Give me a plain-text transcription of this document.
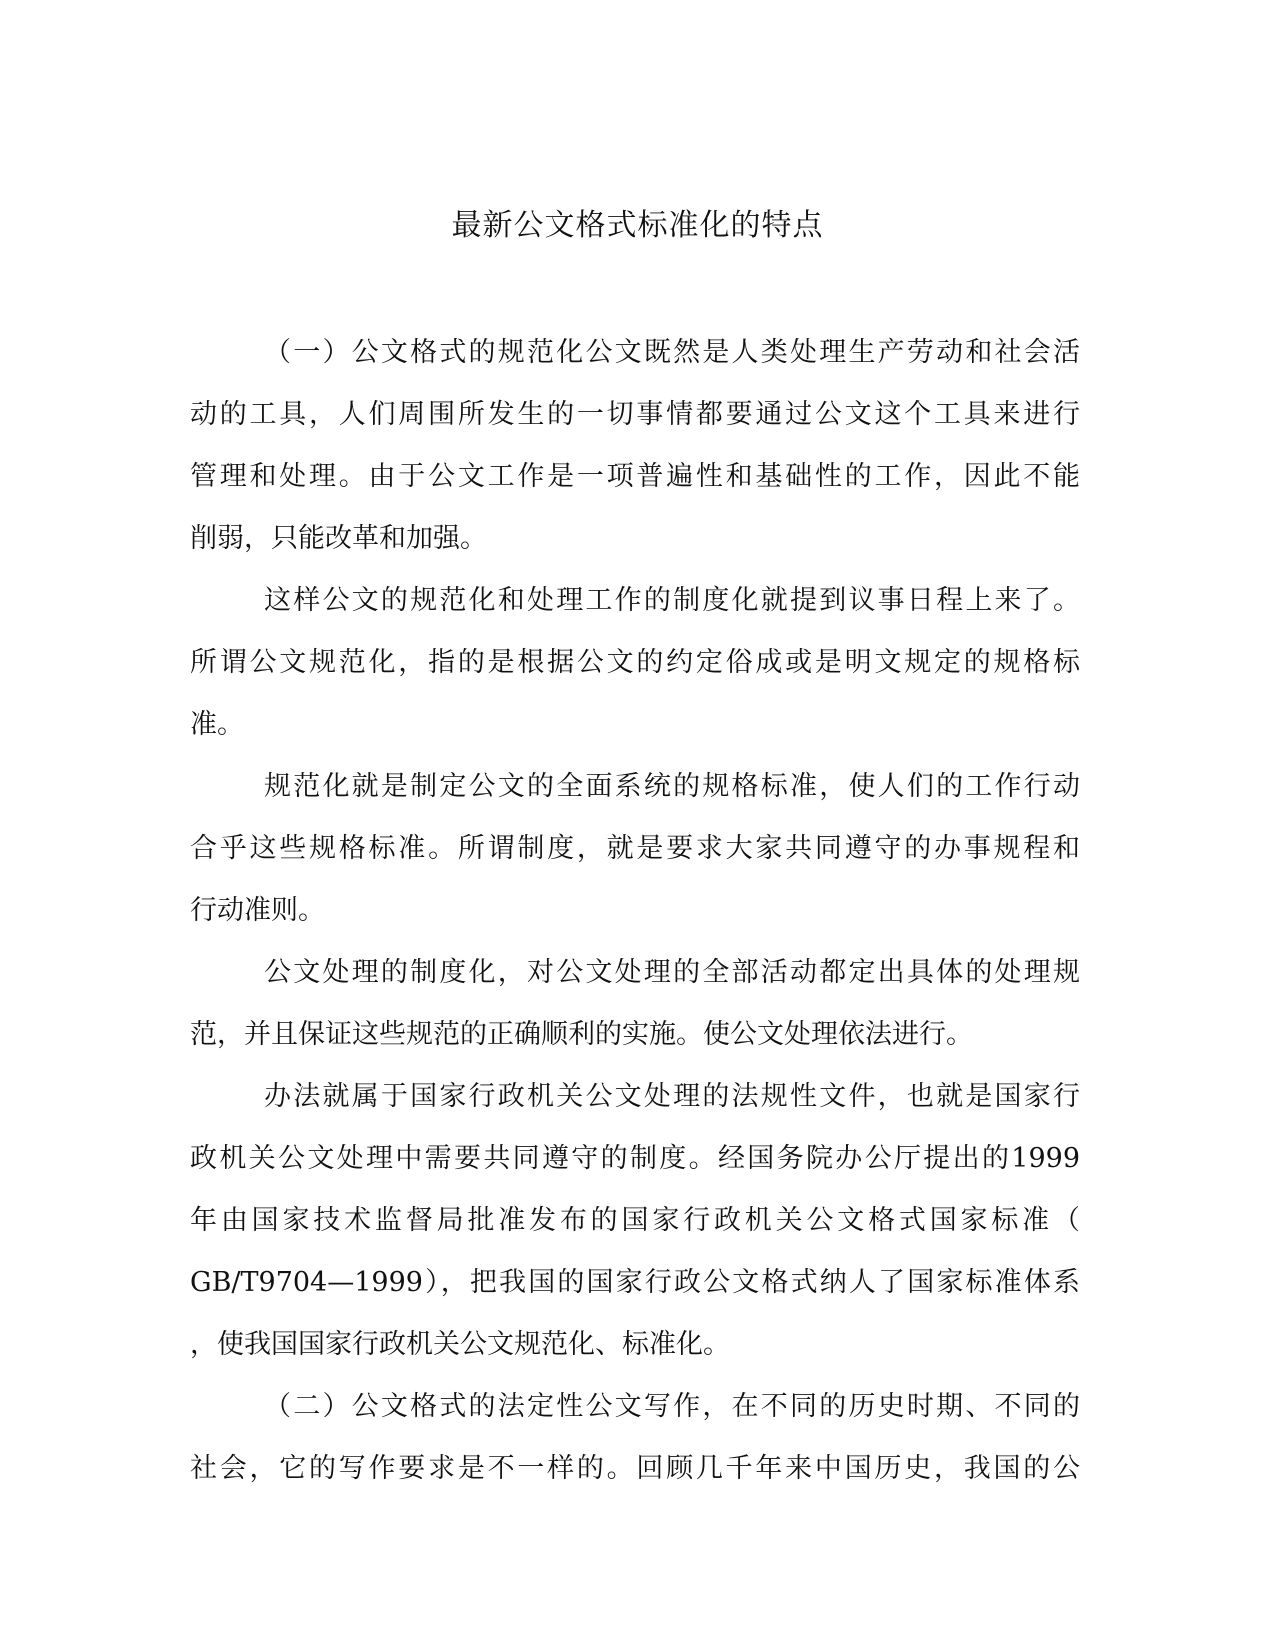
最新公文格式标准化的特点
（一）公文格式的规范化公文既然是人类处理生产劳动和社会活
动的工具，人们周围所发生的一切事情都要通过公文这个工具来进行
管理和处理。由于公文工作是一项普遍性和基础性的工作，因此不能
削弱，只能改革和加强。
这样公文的规范化和处理工作的制度化就提到议事日程上来了。
所谓公文规范化，指的是根据公文的约定俗成或是明文规定的规格标
准。
规范化就是制定公文的全面系统的规格标准，使人们的工作行动
合乎这些规格标准。所谓制度，就是要求大家共同遵守的办事规程和
行动准则。
公文处理的制度化，对公文处理的全部活动都定出具体的处理规
范，并且保证这些规范的正确顺利的实施。使公文处理依法进行。
办法就属于国家行政机关公文处理的法规性文件，也就是国家行
政机关公文处理中需要共同遵守的制度。经国务院办公厅提出的1999
年由国家技术监督局批准发布的国家行政机关公文格式国家标准（
GB/T9704—1999），把我国的国家行政公文格式纳人了国家标准体系
，使我国国家行政机关公文规范化、标准化。
（二）公文格式的法定性公文写作，在不同的历史时期、不同的
社会，它的写作要求是不一样的。回顾几千年来中国历史，我国的公
